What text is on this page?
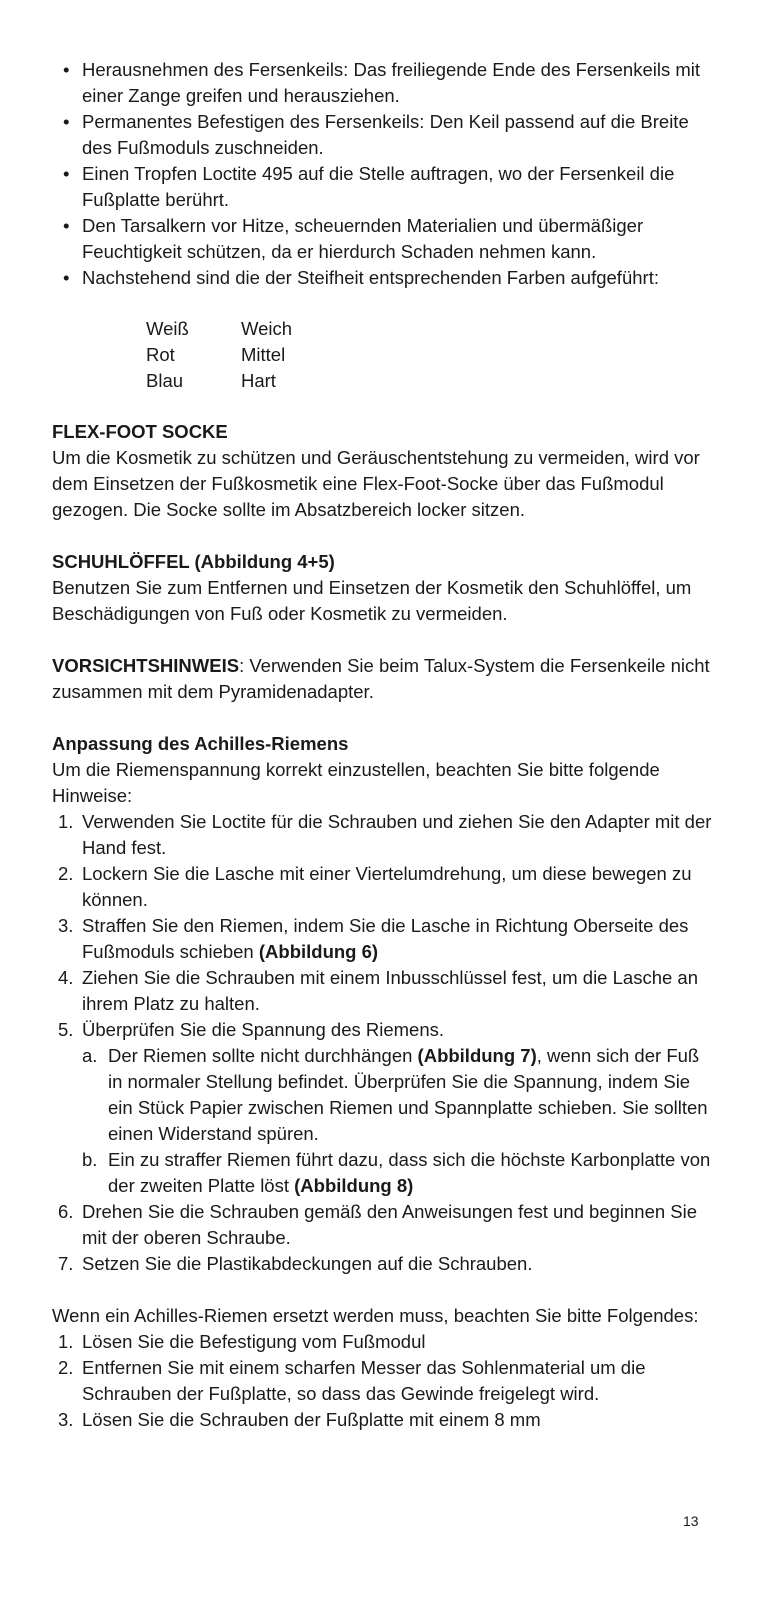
• Herausnehmen des Fersenkeils: Das freiliegende Ende des Fersenkeils mit einer Zange greifen und herausziehen.
• Permanentes Befestigen des Fersenkeils: Den Keil passend auf die Breite des Fußmoduls zuschneiden.
• Einen Tropfen Loctite 495 auf die Stelle auftragen, wo der Fersenkeil die Fußplatte berührt.
• Den Tarsalkern vor Hitze, scheuernden Materialien und übermäßiger Feuchtigkeit schützen, da er hierdurch Schaden nehmen kann.
• Nachstehend sind die der Steifheit entsprechenden Farben aufgeführt:
Weiß	Weich
Rot	Mittel
Blau	Hart
FLEX-FOOT SOCKE

Um die Kosmetik zu schützen und Geräuschentstehung zu vermeiden, wird vor dem Einsetzen der Fußkosmetik eine Flex-Foot-Socke über das Fußmodul gezogen. Die Socke sollte im Absatzbereich locker sitzen.

SCHUHLÖFFEL (Abbildung 4+5)

Benutzen Sie zum Entfernen und Einsetzen der Kosmetik den Schuhlöffel, um Beschädigungen von Fuß oder Kosmetik zu vermeiden.

VORSICHTSHINWEIS: Verwenden Sie beim Talux-System die Fersenkeile nicht zusammen mit dem Pyramidenadapter.

Anpassung des Achilles-Riemens

Um die Riemenspannung korrekt einzustellen, beachten Sie bitte folgende Hinweise:

1. Verwenden Sie Loctite für die Schrauben und ziehen Sie den Adapter mit der Hand fest.
2. Lockern Sie die Lasche mit einer Viertelumdrehung, um diese bewegen zu können.
3. Straffen Sie den Riemen, indem Sie die Lasche in Richtung Oberseite des Fußmoduls schieben (Abbildung 6)
4. Ziehen Sie die Schrauben mit einem Inbusschlüssel fest, um die Lasche an ihrem Platz zu halten.
5. Überprüfen Sie die Spannung des Riemens.
a. Der Riemen sollte nicht durchhängen (Abbildung 7), wenn sich der Fuß in normaler Stellung befindet. Überprüfen Sie die Spannung, indem Sie ein Stück Papier zwischen Riemen und Spannplatte schieben. Sie sollten einen Widerstand spüren.
b. Ein zu straffer Riemen führt dazu, dass sich die höchste Karbonplatte von der zweiten Platte löst (Abbildung 8)
6. Drehen Sie die Schrauben gemäß den Anweisungen fest und beginnen Sie mit der oberen Schraube.
7. Setzen Sie die Plastikabdeckungen auf die Schrauben.

Wenn ein Achilles-Riemen ersetzt werden muss, beachten Sie bitte Folgendes:

1. Lösen Sie die Befestigung vom Fußmodul
2. Entfernen Sie mit einem scharfen Messer das Sohlenmaterial um die Schrauben der Fußplatte, so dass das Gewinde freigelegt wird.
3. Lösen Sie die Schrauben der Fußplatte mit einem 8 mm
13
